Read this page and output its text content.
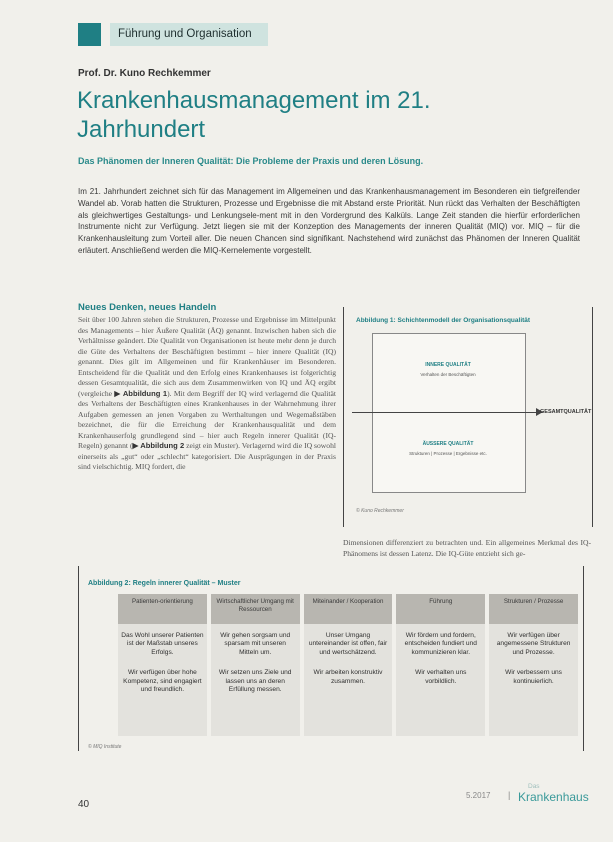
Führung und Organisation
Prof. Dr. Kuno Rechkemmer
Krankenhausmanagement im 21. Jahrhundert
Das Phänomen der Inneren Qualität: Die Probleme der Praxis und deren Lösung.
Im 21. Jahrhundert zeichnet sich für das Management im Allgemeinen und das Krankenhausmanagement im Besonderen ein tiefgreifender Wandel ab. Vorab hatten die Strukturen, Prozesse und Ergebnisse die mit Abstand erste Priorität. Nun rückt das Verhalten der Beschäftigten als gleichwertiges Gestaltungs- und Lenkungsele-ment mit in den Vordergrund des Kalküls. Lange Zeit standen die hierfür erforderlichen Instrumente nicht zur Verfügung. Jetzt liegen sie mit der Konzeption des Managements der inneren Qualität (MIQ) vor. MIQ – für die Krankenhausleitung zum Vorteil aller. Die neuen Chancen sind signifikant. Nachstehend wird zunächst das Phänomen der Inneren Qualität erläutert. Anschließend werden die MIQ-Kernelemente vorgestellt.
Neues Denken, neues Handeln
Seit über 100 Jahren stehen die Strukturen, Prozesse und Ergebnisse im Mittelpunkt des Managements – hier Äußere Qualität (ÄQ) genannt. Inzwischen haben sich die Verhältnisse geändert. Die Qualität von Organisationen ist heute mehr denn je durch die Güte des Verhaltens der Beschäftigten bestimmt – hier innere Qualität (IQ) genannt. Dies gilt im Allgemeinen und für Krankenhäuser im Besonderen. Entscheidend für die Qualität und den Erfolg eines Krankenhauses ist folgerichtig dessen Gesamtqualität, die sich aus dem Zusammenwirken von IQ und ÄQ ergibt (vergleiche ▶ Abbildung 1). Mit dem Begriff der IQ wird verlagernd die Qualität des Verhaltens der Beschäftigten eines Krankenhauses in der Wahrnehmung ihrer Aufgaben gemessen an jenen Vorgaben zu Werthaltungen und Wegemaßstäben bezeichnet, die für die Erreichung der Krankenhausqualität und dem Krankenhauserfolg grundlegend sind – hier auch Regeln innerer Qualität (IQ-Regeln) genannt (▶ Abbildung 2 zeigt ein Muster). Verlagernd wird die IQ sowohl einerseits als „gut“ oder „schlecht“ kategorisiert. Die Ausprägungen in der Praxis sind vielschichtig. MIQ fordert, die
Abbildung 1: Schichtenmodell der Organisationsqualität
INNERE QUALITÄT
Verhalten der Beschäftigten
ÄUSSERE QUALITÄT
Strukturen | Prozesse | Ergebnisse etc.
GESAMTQUALITÄT
© Kuno Rechkemmer
Dimensionen differenziert zu betrachten und. Ein allgemeines Merkmal des IQ-Phänomens ist dessen Latenz. Die IQ-Güte entzieht sich ge-
Abbildung 2: Regeln innerer Qualität – Muster
Patienten-orientierung

Das Wohl unserer Patienten ist der Maßstab unseres Erfolgs.

Wir verfügen über hohe Kompetenz, sind engagiert und freundlich.

Wirtschaftlicher Umgang mit Ressourcen

Wir gehen sorgsam und sparsam mit unseren Mitteln um.

Wir setzen uns Ziele und lassen uns an deren Erfüllung messen.

Miteinander / Kooperation

Unser Umgang untereinander ist offen, fair und wertschätzend.

Wir arbeiten konstruktiv zusammen.

Führung

Wir fördern und fordern, entscheiden fundiert und kommunizieren klar.

Wir verhalten uns vorbildlich.

Strukturen / Prozesse

Wir verfügen über angemessene Strukturen und Prozesse.

Wir verbessern uns kontinuierlich.

© MIQ Institute
40
5.2017 |
Das
Krankenhaus
